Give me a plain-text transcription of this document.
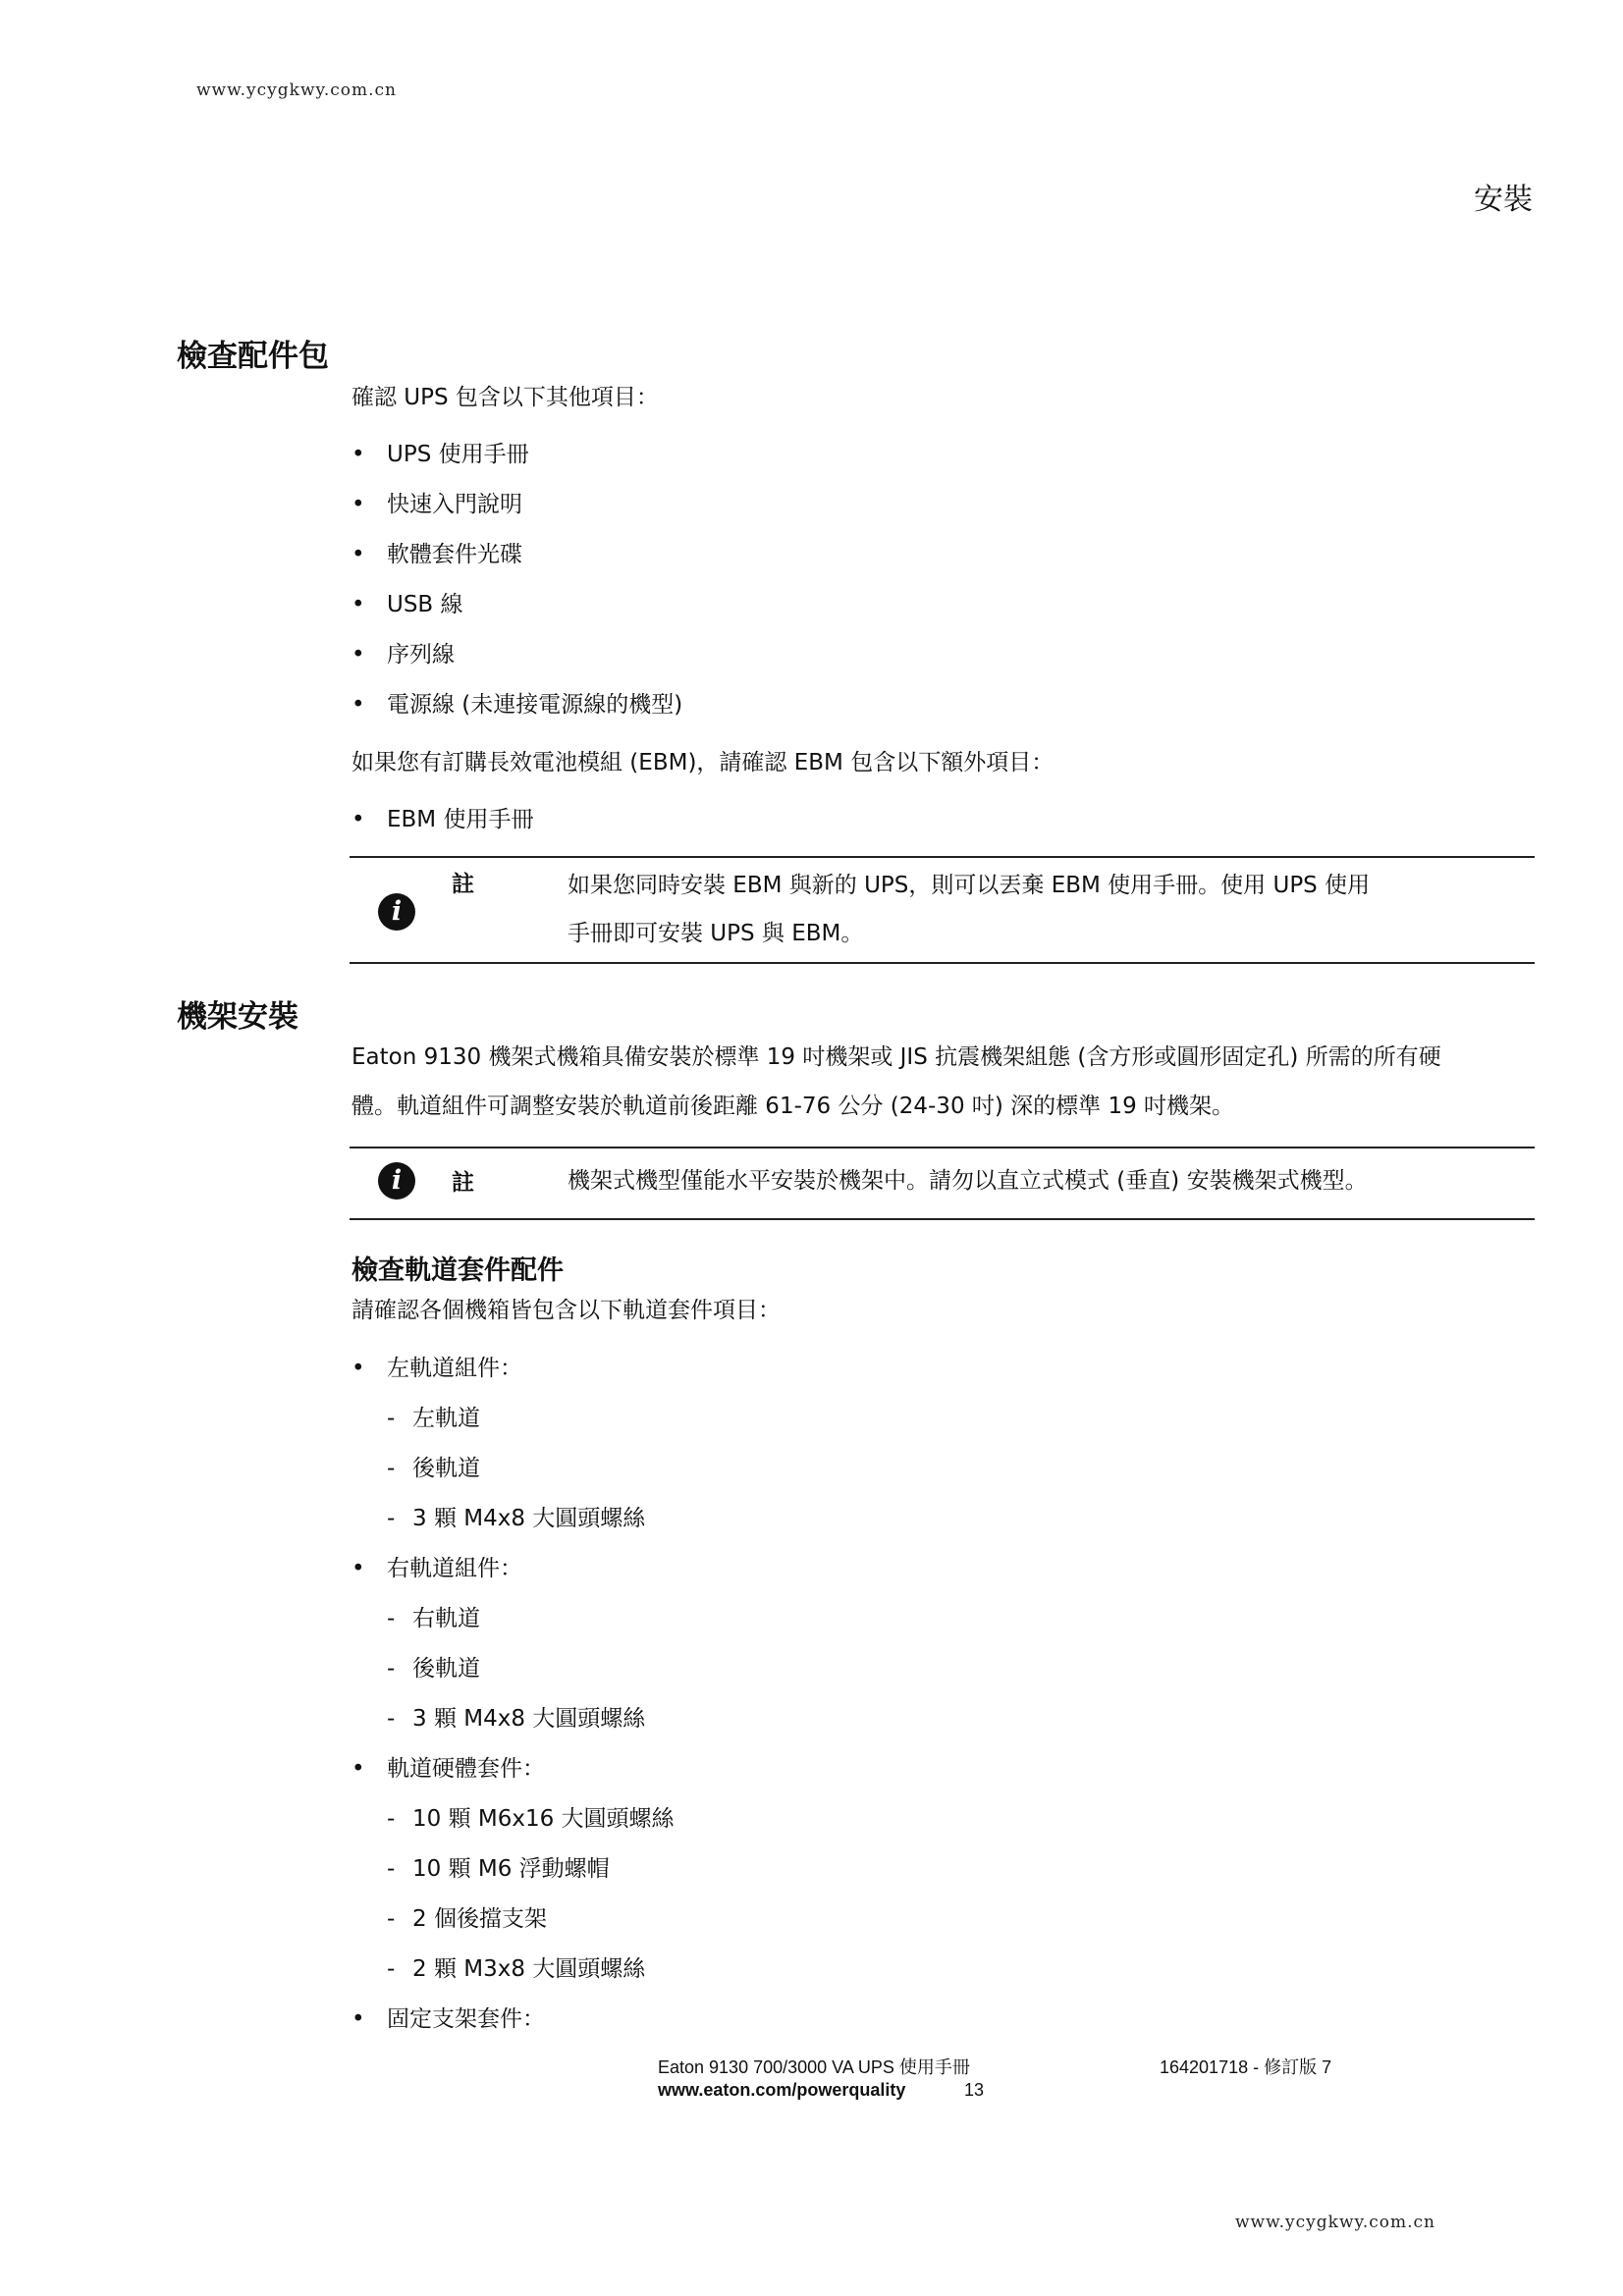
www.ycygkwy.com.cn
安裝
檢查配件包
確認 UPS 包含以下其他項目：
• UPS 使用手冊
• 快速入門說明
• 軟體套件光碟
• USB 線
• 序列線
• 電源線 (未連接電源線的機型)
如果您有訂購長效電池模組 (EBM)，請確認 EBM 包含以下額外項目：
• EBM 使用手冊
i
註	如果您同時安裝 EBM 與新的 UPS，則可以丟棄 EBM 使用手冊。使用 UPS 使用
手冊即可安裝 UPS 與 EBM。
機架安裝
Eaton 9130 機架式機箱具備安裝於標準 19 吋機架或 JIS 抗震機架組態 (含方形或圓形固定孔) 所需的所有硬
體。軌道組件可調整安裝於軌道前後距離 61-76 公分 (24-30 吋) 深的標準 19 吋機架。
i	註	機架式機型僅能水平安裝於機架中。請勿以直立式模式 (垂直) 安裝機架式機型。
檢查軌道套件配件
請確認各個機箱皆包含以下軌道套件項目：
• 左軌道組件：
- 左軌道
- 後軌道
- 3 顆 M4x8 大圓頭螺絲
• 右軌道組件：
- 右軌道
- 後軌道
- 3 顆 M4x8 大圓頭螺絲
• 軌道硬體套件：
- 10 顆 M6x16 大圓頭螺絲
- 10 顆 M6 浮動螺帽
- 2 個後擋支架
- 2 顆 M3x8 大圓頭螺絲
• 固定支架套件：
Eaton 9130 700/3000 VA UPS 使用手冊	164201718 - 修訂版 7
www.eaton.com/powerquality	13
www.ycygkwy.com.cn
